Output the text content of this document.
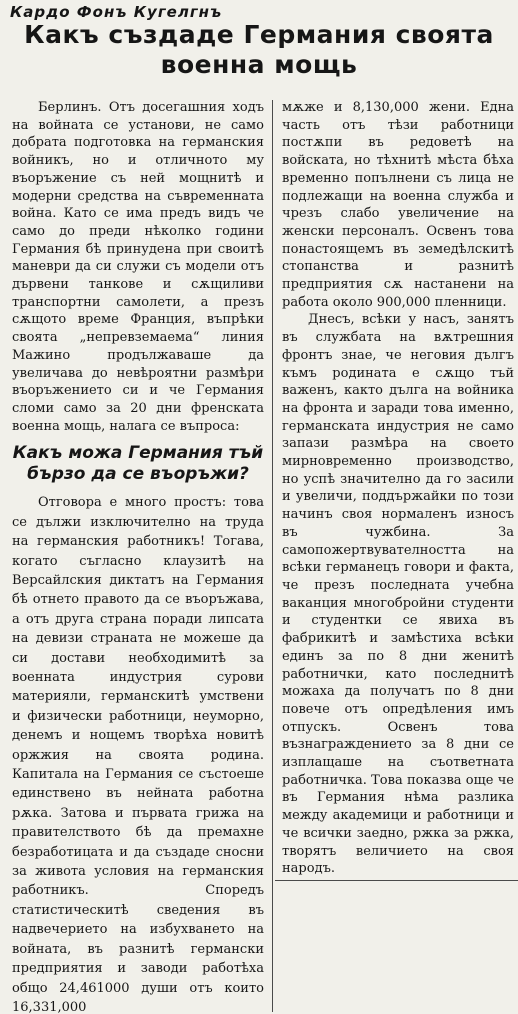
Кардо Фонъ Кугелгнъ
Какъ създаде Германия своята
военна мощь

Берлинъ. Отъ досегашния ходъ на войната се установи, не само добрата подготовка на германския войникъ, но и отличното му въоръжение съ ней мощнитѣ и модерни средства на съвременната война. Като се има предъ видъ че само до преди нѣколко години Германия бѣ принудена при своитѣ маневри да си служи съ модели отъ дървени танкове и сѫщиливи транспортни самолети, а презъ сѫщото време Франция, въпрѣки своята „непревземаема“ линия Мажино продължаваше да увеличава до невѣроятни размѣри въоръжението си и че Германия сломи само за 20 дни френската военна мощь, налага се въпроса:

Какъ можа Германия тъй бързо да се въоръжи?

Отговора е много простъ: това се дължи изключително на труда на германския работникъ! Тогава, когато съгласно клаузитѣ на Версайлския диктатъ на Германия бѣ отнето правото да се въоръжава, а отъ друга страна поради липсата на девизи страната не можеше да си достави необходимитѣ за военната индустрия сурови материяли, германскитѣ умствени и физически работници, неуморно, денемъ и нощемъ творѣха новитѣ оржжия на своята родина. Капитала на Германия се състоеше единствено въ нейната работна рѫка. Затова и първата грижа на правителството бѣ да премахне безработицата и да създаде сносни за живота условия на германския работникъ. Споредъ статистическитѣ сведения въ надвечерието на избухването на войната, въ разнитѣ германски предприятия и заводи работѣха общо 24,461000 души отъ които 16,331,000

мѫже и 8,130,000 жени. Една часть отъ тѣзи работници постѫпи въ редоветѣ на войската, но тѣхнитѣ мѣста бѣха временно попълнени съ лица не подлежащи на военна служба и чрезъ слабо увеличение на женски персоналъ. Освенъ това понастоящемъ въ земедѣлскитѣ стопанства и разнитѣ предприятия сѫ настанени на работа около 900,000 пленници.

Днесъ, всѣки у насъ, занятъ въ службата на вѫтрешния фронтъ знае, че неговия дългъ къмъ родината е сѫщо тъй важенъ, както дълга на войника на фронта и заради това именно, германската индустрия не само запази размѣра на своето мирновременно производство, но успѣ значително да го засили и увеличи, поддържайки по този начинъ своя нормаленъ износъ въ чужбина. За самопожертвувателността на всѣки германецъ говори и факта, че презъ последната учебна ваканция многобройни студенти и студентки се явиха въ фабрикитѣ и замѣстиха всѣки единъ за по 8 дни женитѣ работнички, като последнитѣ можаха да получатъ по 8 дни повече отъ опредѣления имъ отпускъ. Освенъ това възнаграждението за 8 дни се изплащаше на съответната работничка. Това показва още че въ Германия нѣма разлика между академици и работници и че всички заедно, ржка за ржка, творятъ величието на своя народъ.
